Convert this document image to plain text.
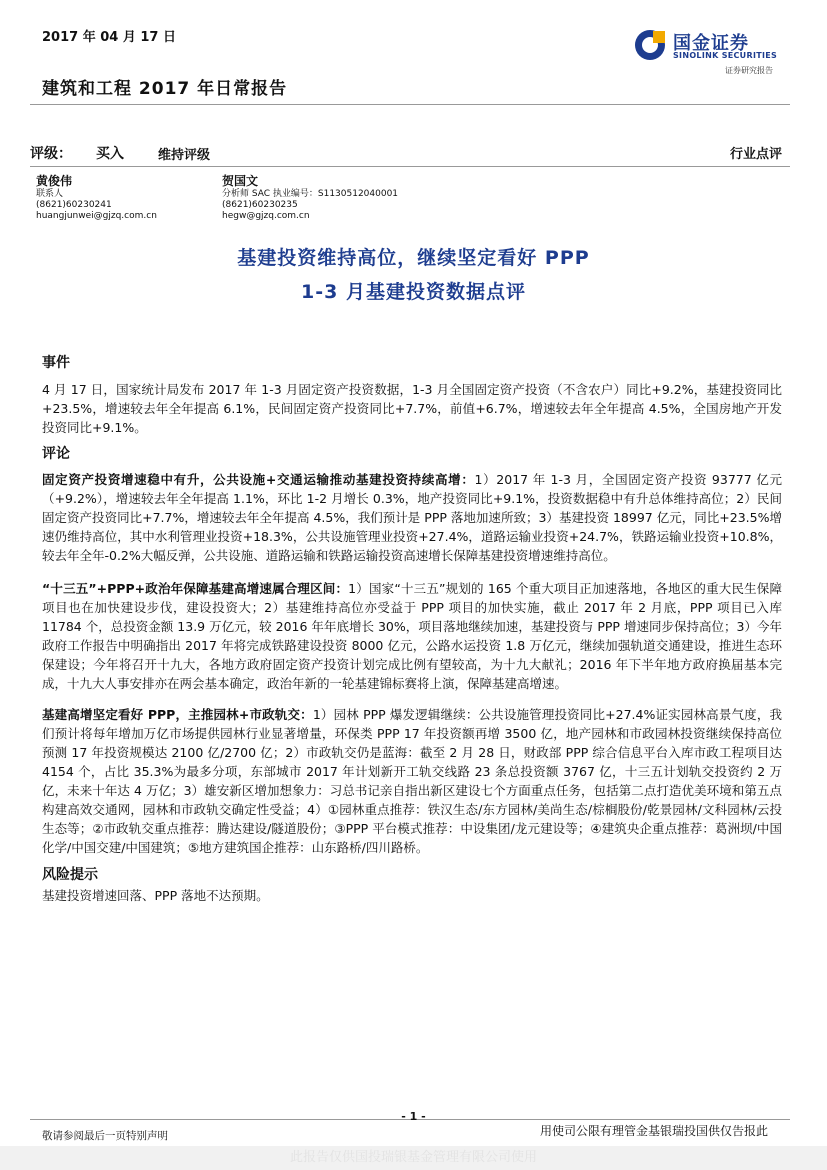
2017 年 04 月 17 日
建筑和工程 2017 年日常报告
国金证券
SINOLINK SECURITIES
证券研究报告
评级： 买入	维持评级	行业点评
黄俊伟
联系人
(8621)60230241
huangjunwei@gjzq.com.cn
贺国文
分析师 SAC 执业编号：S1130512040001
(8621)60230235
hegw@gjzq.com.cn
基建投资维持高位，继续坚定看好 PPP
1-3 月基建投资数据点评
事件

4 月 17 日，国家统计局发布 2017 年 1-3 月固定资产投资数据，1-3 月全国固定资产投资（不含农户）同比+9.2%，基建投资同比+23.5%，增速较去年全年提高 6.1%，民间固定资产投资同比+7.7%，前值+6.7%，增速较去年全年提高 4.5%，全国房地产开发投资同比+9.1%。

评论

固定资产投资增速稳中有升，公共设施+交通运输推动基建投资持续高增：1）2017 年 1-3 月，全国固定资产投资 93777 亿元（+9.2%），增速较去年全年提高 1.1%，环比 1-2 月增长 0.3%，地产投资同比+9.1%，投资数据稳中有升总体维持高位；2）民间固定资产投资同比+7.7%，增速较去年全年提高 4.5%，我们预计是 PPP 落地加速所致；3）基建投资 18997 亿元，同比+23.5%增速仍维持高位，其中水利管理业投资+18.3%，公共设施管理业投资+27.4%，道路运输业投资+24.7%，铁路运输业投资+10.8%，较去年全年-0.2%大幅反弹，公共设施、道路运输和铁路运输投资高速增长保障基建投资增速维持高位。

“十三五”+PPP+政治年保障基建高增速属合理区间：1）国家“十三五”规划的 165 个重大项目正加速落地，各地区的重大民生保障项目也在加快建设步伐，建设投资大；2）基建维持高位亦受益于 PPP 项目的加快实施，截止 2017 年 2 月底，PPP 项目已入库 11784 个，总投资金额 13.9 万亿元，较 2016 年年底增长 30%，项目落地继续加速，基建投资与 PPP 增速同步保持高位；3）今年政府工作报告中明确指出 2017 年将完成铁路建设投资 8000 亿元，公路水运投资 1.8 万亿元，继续加强轨道交通建设，推进生态环保建设；今年将召开十九大，各地方政府固定资产投资计划完成比例有望较高，为十九大献礼；2016 年下半年地方政府换届基本完成，十九大人事安排亦在两会基本确定，政治年新的一轮基建锦标赛将上演，保障基建高增速。

基建高增坚定看好 PPP，主推园林+市政轨交：1）园林 PPP 爆发逻辑继续：公共设施管理投资同比+27.4%证实园林高景气度，我们预计将每年增加万亿市场提供园林行业显著增量，环保类 PPP 17 年投资额再增 3500 亿，地产园林和市政园林投资继续保持高位预测 17 年投资规模达 2100 亿/2700 亿；2）市政轨交仍是蓝海：截至 2 月 28 日，财政部 PPP 综合信息平台入库市政工程项目达 4154 个，占比 35.3%为最多分项，东部城市 2017 年计划新开工轨交线路 23 条总投资额 3767 亿，十三五计划轨交投资约 2 万亿，未来十年达 4 万亿；3）雄安新区增加想象力：习总书记亲自指出新区建设七个方面重点任务，包括第二点打造优美环境和第五点构建高效交通网，园林和市政轨交确定性受益；4）①园林重点推荐：铁汉生态/东方园林/美尚生态/棕榈股份/乾景园林/文科园林/云投生态等；②市政轨交重点推荐：腾达建设/隧道股份；③PPP 平台模式推荐：中设集团/龙元建设等；④建筑央企重点推荐：葛洲坝/中国化学/中国交建/中国建筑；⑤地方建筑国企推荐：山东路桥/四川路桥。

风险提示

基建投资增速回落、PPP 落地不达预期。

- 1 -
敬请参阅最后一页特别声明	用使司公限有理管金基银瑞投国供仅告报此
此报告仅供国投瑞银基金管理有限公司使用
